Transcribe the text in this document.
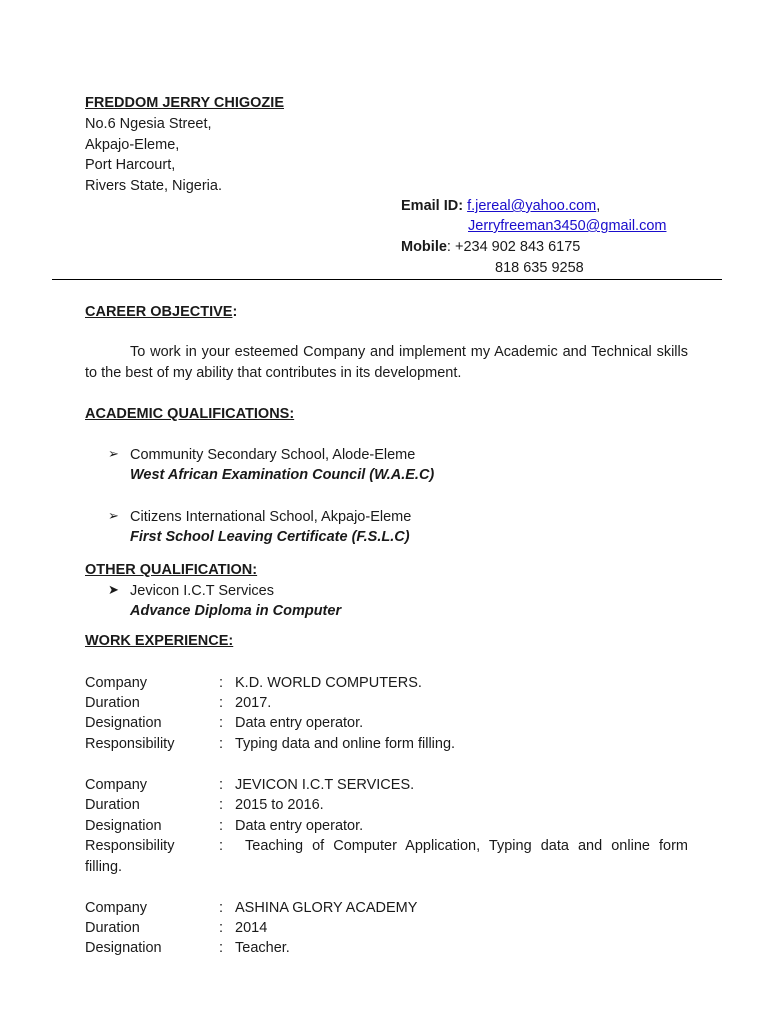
FREDDOM JERRY CHIGOZIE
No.6 Ngesia Street,
Akpajo-Eleme,
Port Harcourt,
Rivers State, Nigeria.
Email ID: f.jereal@yahoo.com,
Jerryfreeman3450@gmail.com
Mobile: +234 902 843 6175
818 635 9258
CAREER OBJECTIVE:
To work in your esteemed Company and implement my Academic and Technical skills to the best of my ability that contributes in its development.
ACADEMIC QUALIFICATIONS:
➢ Community Secondary School, Alode-Eleme
West African Examination Council (W.A.E.C)
➢ Citizens International School, Akpajo-Eleme
First School Leaving Certificate (F.S.L.C)
OTHER QUALIFICATION:
➤ Jevicon I.C.T Services
Advance Diploma in Computer
WORK EXPERIENCE:
Company	: K.D. WORLD COMPUTERS.
Duration	: 2017.
Designation	: Data entry operator.
Responsibility	: Typing data and online form filling.
Company	: JEVICON I.C.T SERVICES.
Duration	: 2015 to 2016.
Designation	: Data entry operator.
Responsibility	: Teaching of Computer Application, Typing data and online form
filling.
Company	: ASHINA GLORY ACADEMY
Duration	: 2014
Designation	: Teacher.
